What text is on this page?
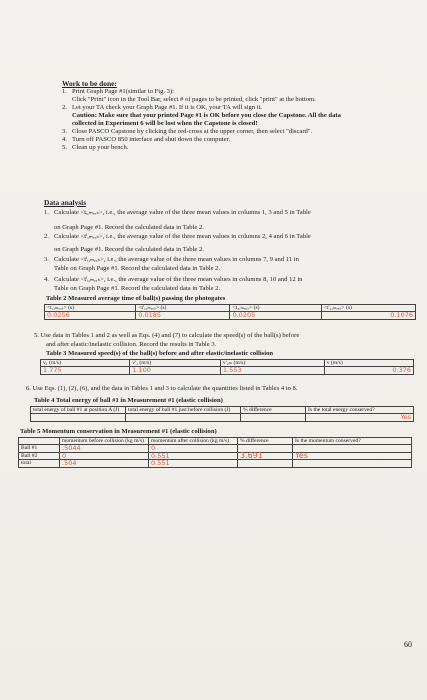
Work to be done:
1. Print Graph Page #1(similar to Fig. 3):
Click "Print" icon in the Tool Bar, select # of pages to be printed, click "print" at the bottom.
2. Let your TA check your Graph Page #1. If it is OK, your TA will sign it.
Caution: Make sure that your printed Page #1 is OK before you close the Capstone. All the data
collected in Experiment 6 will be lost when the Capstone is closed!
3. Close PASCO Capstone by clicking the red-cross at the upper corner, then select "discard".
4. Turn off PASCO 850 interface and shut down the computer.
5. Clean up your bench.
Data analysis
1. Calculate <tᵢ,ₘₑₐₛ>, i.e., the average value of the three mean values in columns 1, 3 and 5 in Table
on Graph Page #1. Record the calculated data in Table 2.
2. Calculate <tⁱ,ₘₑₐₛ>, i.e., the average value of the three mean values in columns 2, 4 and 6 in Table
on Graph Page #1. Record the calculated data in Table 2.
3. Calculate <tⁱᵢ,ₘₑₐₛ>, i.e., the average value of the three mean values in columns 7, 9 and 11 in
Table on Graph Page #1. Record the calculated data in Table 2.
4. Calculate <tⁱᵢ,ₘₑₐₛ>, i.e., the average value of the three mean values in columns 8, 10 and 12 in
Table on Graph Page #1. Record the calculated data in Table 2.
Table 2 Measured average time of ball(s) passing the photogates
<t₁,ₘₑₐₛ> (s)	<t'₁,ₘₑₐₛ> (s)	<t₂,ₘₑₐₛ> (s)	<t'₂,ₘₑₐₛ> (s)
0.0256	0.0185	0.0205	0.1076
5. Use data in Tables 1 and 2 as well as Eqs. (4) and (7) to calculate the speed(s) of the ball(s) before
and after elastic/inelastic collision. Record the results in Table 3.
Table 3 Measured speed(s) of the ball(s) before and after elastic/inelastic collision
v₁ (m/s)	v'₁ (m/s)	v'₂ₘ (m/s)	v (m/s)
1.775	1.100	1.553	0.376
6. Use Eqs. (1), (2), (6), and the data in Tables 1 and 3 to calculate the quantities listed in Tables 4 to 8.
Table 4 Total energy of ball #1 in Measurement #1 (elastic collision)
total energy of ball #1 at position A (J)	total energy of ball #1 just before collision (J)	% difference	Is the total energy conserved?
			Yes
Table 5 Momentum conservation in Measurement #1 (elastic collision)
	momentum before collision (kg m/s)	momentum after collision (kg m/s)	% difference	Is the momentum conserved?
Ball #1	.5044	0		
Ball #2	0	0.551	3.691	Yes
total	.504	0.551		
60
